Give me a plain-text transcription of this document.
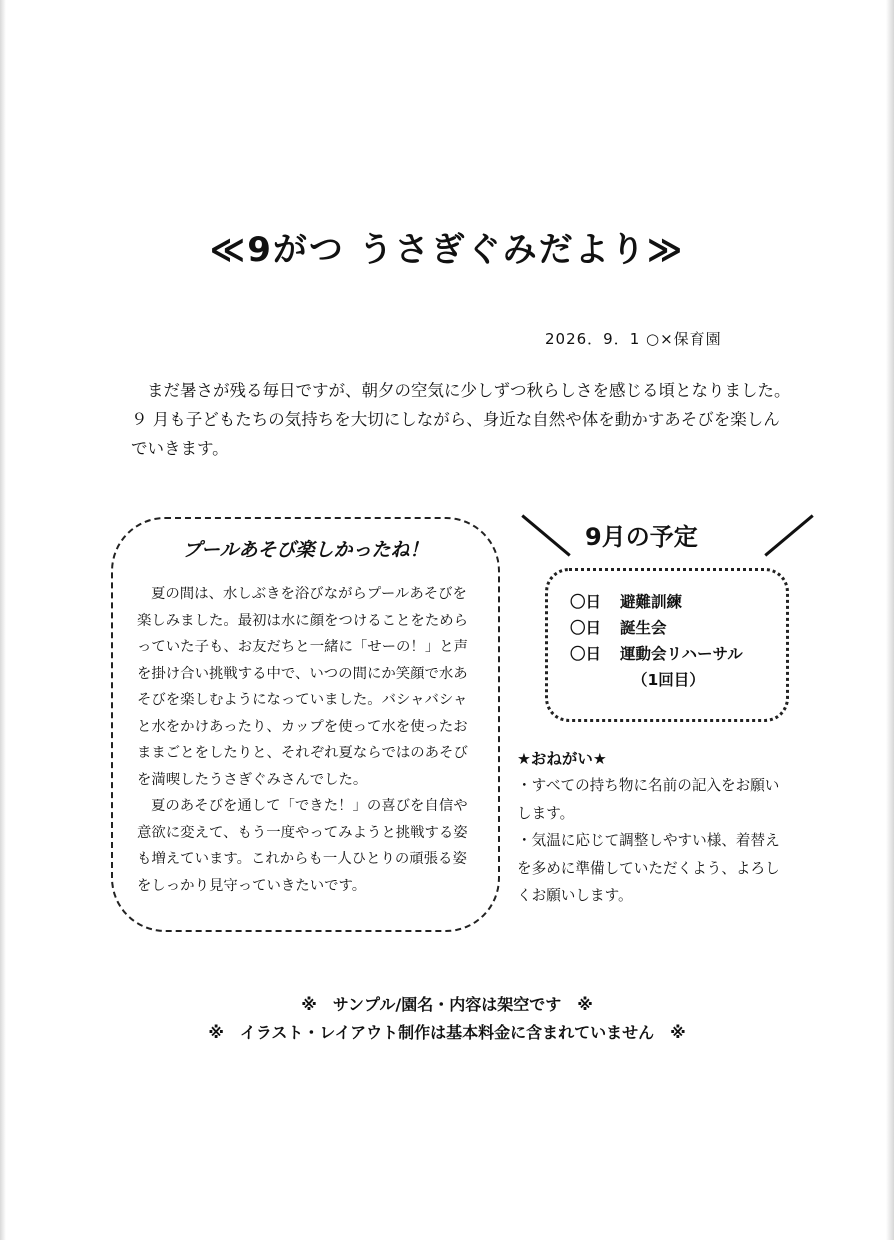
≪9がつ うさぎぐみだより≫
2026．9．1 ○×保育園
まだ暑さが残る毎日ですが、朝夕の空気に少しずつ秋らしさを感じる頃となりました。９ 月も子どもたちの気持ちを大切にしながら、身近な自然や体を動かすあそびを楽しんでいきます。
プールあそび楽しかったね！

夏の間は、水しぶきを浴びながらプールあそびを楽しみました。最初は水に顔をつけることをためらっていた子も、お友だちと一緒に「せーの！」と声を掛け合い挑戦する中で、いつの間にか笑顔で水あそびを楽しむようになっていました。バシャバシャと水をかけあったり、カップを使って水を使ったおままごとをしたりと、それぞれ夏ならではのあそびを満喫したうさぎぐみさんでした。

夏のあそびを通して「できた！」の喜びを自信や意欲に変えて、もう一度やってみようと挑戦する姿も増えています。これからも一人ひとりの頑張る姿をしっかり見守っていきたいです。

9月の予定
〇日 避難訓練
〇日 誕生会
〇日 運動会リハーサル
（1回目）
★おねがい★
・すべての持ち物に名前の記入をお願い
します。
・気温に応じて調整しやすい様、着替え
を多めに準備していただくよう、よろし
くお願いします。
※　サンプル/園名・内容は架空です　※
※　イラスト・レイアウト制作は基本料金に含まれていません　※
